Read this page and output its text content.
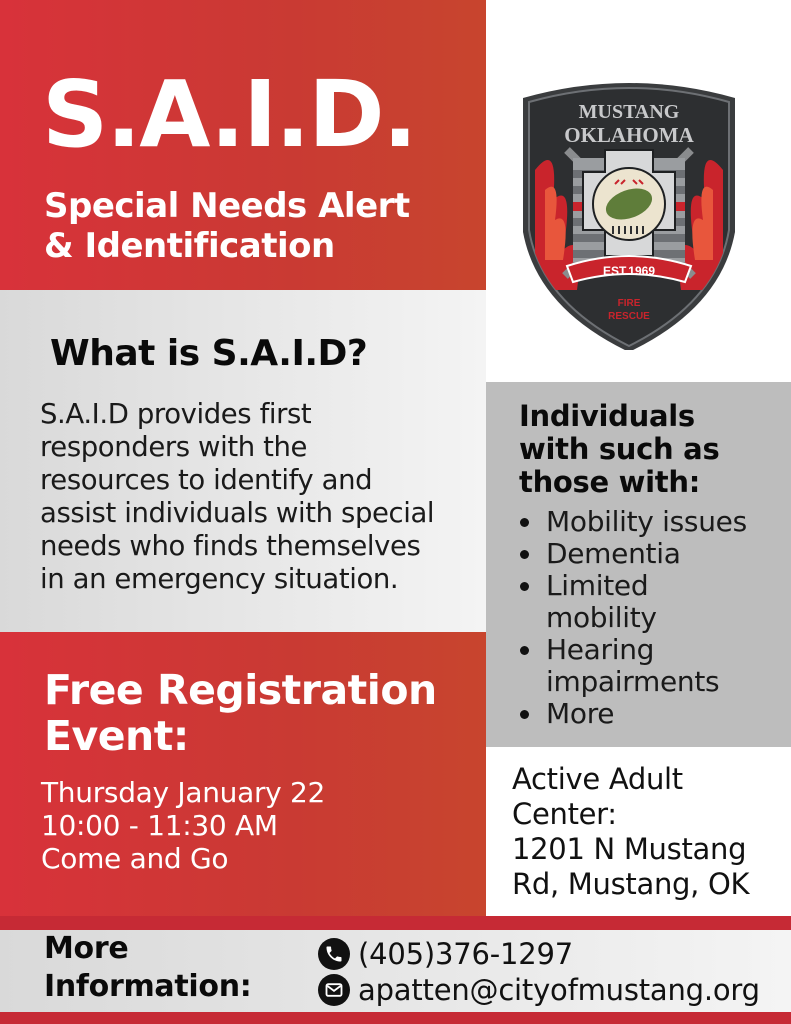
S.A.I.D.
Special Needs Alert
& Identification
MUSTANG
OKLAHOMA
EST.1969
FIRE
RESCUE
What is S.A.I.D?
S.A.I.D provides first
responders with the
resources to identify and
assist individuals with special
needs who finds themselves
in an emergency situation.
Individuals
with such as
those with:
Mobility issues
Dementia
Limited
mobility
Hearing
impairments
More
Free Registration
Event:
Thursday January 22
10:00 - 11:30 AM
Come and Go
Active Adult
Center:
1201 N Mustang
Rd, Mustang, OK
More
Information:
(405)376-1297
apatten@cityofmustang.org
